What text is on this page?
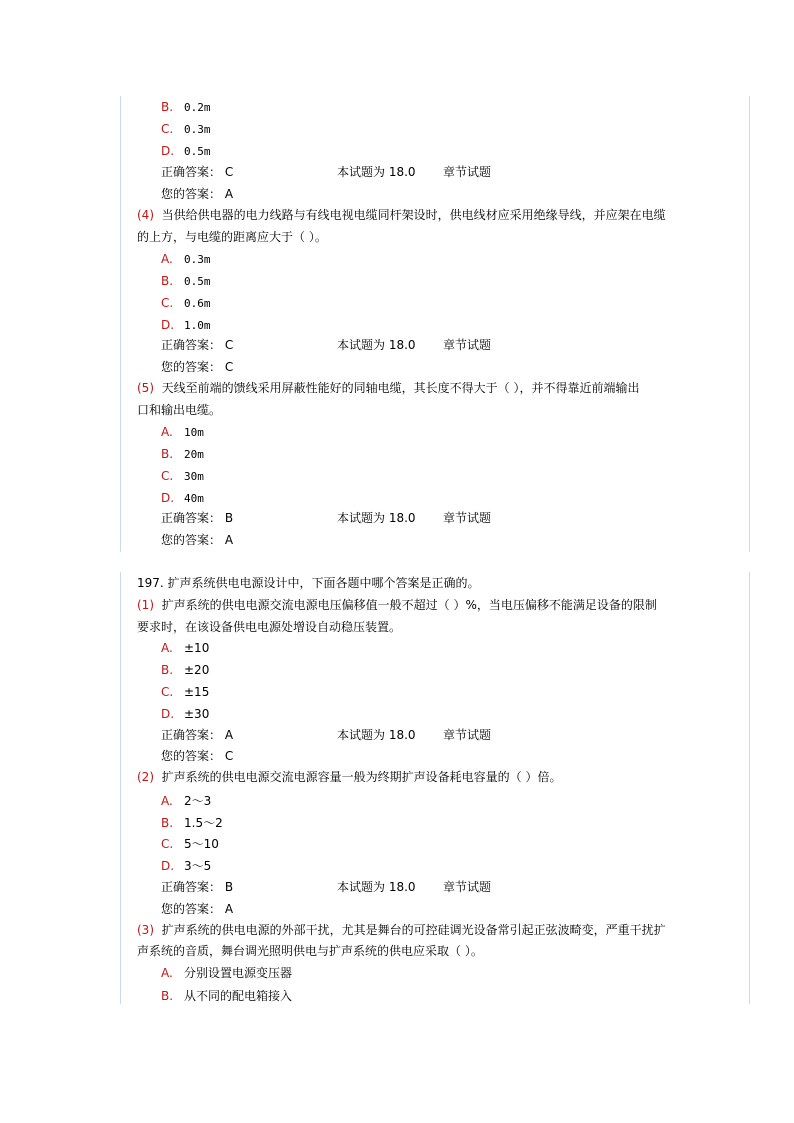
B. 0.2m
C. 0.3m
D. 0.5m
正确答案： C	本试题为 18.0 章节试题
您的答案： A
(4) 当供给供电器的电力线路与有线电视电缆同杆架设时，供电线材应采用绝缘导线，并应架在电缆
的上方，与电缆的距离应大于（ ）。
A. 0.3m
B. 0.5m
C. 0.6m
D. 1.0m
正确答案： C	本试题为 18.0 章节试题
您的答案： C
(5) 天线至前端的馈线采用屏蔽性能好的同轴电缆，其长度不得大于（ ），并不得靠近前端输出
口和输出电缆。
A. 10m
B. 20m
C. 30m
D. 40m
正确答案： B	本试题为 18.0 章节试题
您的答案： A
197. 扩声系统供电电源设计中，下面各题中哪个答案是正确的。
(1) 扩声系统的供电电源交流电源电压偏移值一般不超过（ ）%，当电压偏移不能满足设备的限制
要求时，在该设备供电电源处增设自动稳压装置。
A. ±10
B. ±20
C. ±15
D. ±30
正确答案： A	本试题为 18.0 章节试题
您的答案： C
(2) 扩声系统的供电电源交流电源容量一般为终期扩声设备耗电容量的（ ）倍。
A. 2～3
B. 1.5～2
C. 5～10
D. 3～5
正确答案： B	本试题为 18.0 章节试题
您的答案： A
(3) 扩声系统的供电电源的外部干扰，尤其是舞台的可控硅调光设备常引起正弦波畸变，严重干扰扩
声系统的音质，舞台调光照明供电与扩声系统的供电应采取（ ）。
A. 分别设置电源变压器
B. 从不同的配电箱接入
